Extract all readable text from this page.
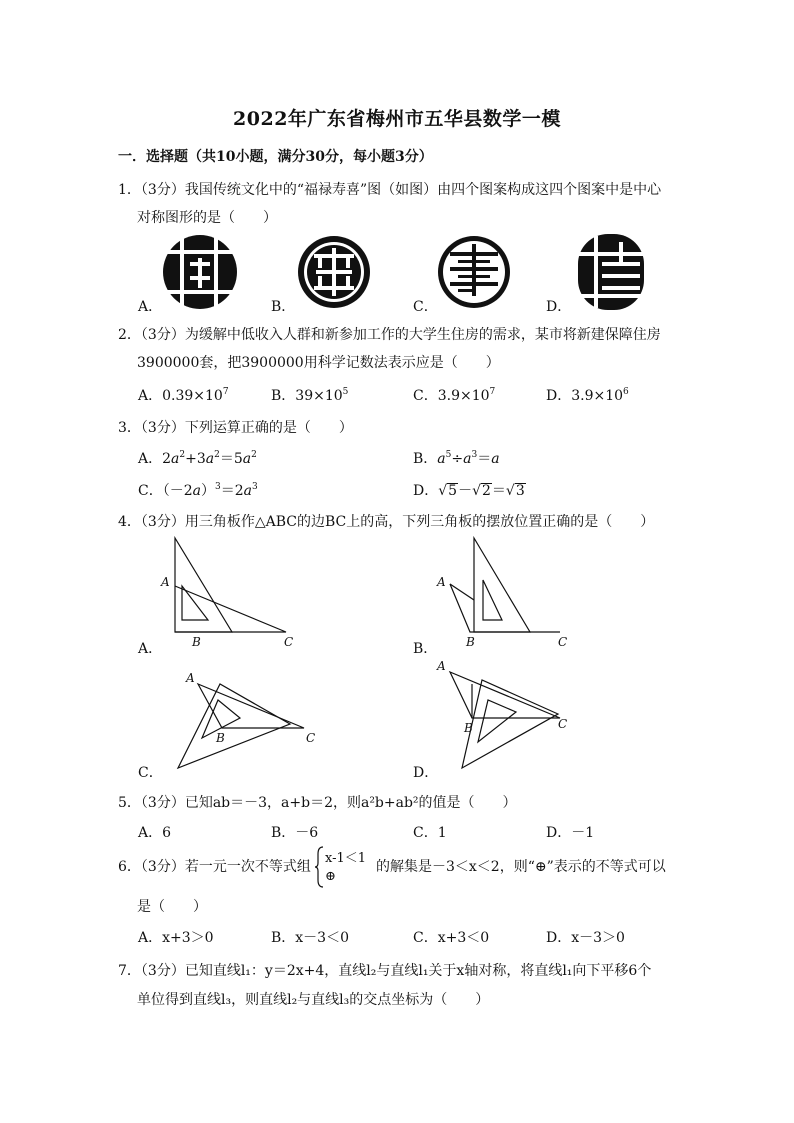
2022年广东省梅州市五华县数学一模
一．选择题（共10小题，满分30分，每小题3分）
1．（3分）我国传统文化中的“福禄寿喜”图（如图）由四个图案构成这四个图案中是中心
对称图形的是（　　）
A．	B．	C．	D．
2．（3分）为缓解中低收入人群和新参加工作的大学生住房的需求，某市将新建保障住房
3900000套，把3900000用科学记数法表示应是（　　）
A．$0.39\times 10^7$	B．$39\times 10^5$	C．$3.9\times 10^7$	D．$3.9\times 10^6$
3．（3分）下列运算正确的是（　　）
A．$2a^2+3a^2=5a^2$	B．$a^5\div a^3=a$
C．$(-2a)^3=2a^3$	D．√5－√2＝√3
4．（3分）用三角板作△ABC的边BC上的高，下列三角板的摆放位置正确的是（　　）
A
B	C
A．
A
B	C
B．
A
B	C
C．
A
B	C
D．
5．（3分）已知ab＝－3，a+b＝2，则a²b+ab²的值是（　　）
A．6	B．－6	C．1	D．－1
6．（3分）若一元一次不等式组
x-1＜1
⊕
的解集是－3＜x＜2，则“⊕”表示的不等式可以
是（　　）
A．x+3＞0	B．x－3＜0	C．x+3＜0	D．x－3＞0
7．（3分）已知直线l₁：y＝2x+4，直线l₂与直线l₁关于x轴对称，将直线l₁向下平移6个
单位得到直线l₃，则直线l₂与直线l₃的交点坐标为（　　）
